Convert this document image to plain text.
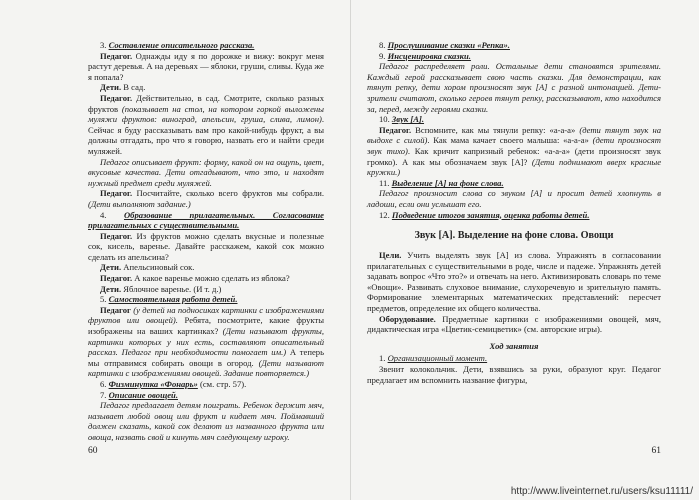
3. Составление описательного рассказа.

Педагог. Однажды иду я по дорожке и вижу: вокруг меня растут деревья. А на деревьях — яблоки, груши, сливы. Куда же я попала?

Дети. В сад.

Педагог. Действительно, в сад. Смотрите, сколько разных фруктов (показывает на стол, на котором горкой выложены муляжи фруктов: виноград, апельсин, груша, слива, лимон). Сейчас я буду рассказывать вам про какой-нибудь фрукт, а вы должны отгадать, про что я говорю, назвать его и найти среди муляжей.

Педагог описывает фрукт: форму, какой он на ощупь, цвет, вкусовые качества. Дети отгадывают, что это, и находят нужный предмет среди муляжей.

Педагог. Посчитайте, сколько всего фруктов мы собрали. (Дети выполняют задание.)

4. Образование прилагательных. Согласование прилагательных с существительными.

Педагог. Из фруктов можно сделать вкусные и полезные сок, кисель, варенье. Давайте расскажем, какой сок можно сделать из апельсина?

Дети. Апельсиновый сок.

Педагог. А какое варенье можно сделать из яблока?

Дети. Яблочное варенье. (И т. д.)

5. Самостоятельная работа детей.

Педагог (у детей на подносиках картинки с изображениями фруктов или овощей). Ребята, посмотрите, какие фрукты изображены на ваших картинках? (Дети называют фрукты, картинки которых у них есть, составляют описательный рассказ. Педагог при необходимости помогает им.) А теперь мы отправимся собирать овощи в огород. (Дети называют картинки с изображениями овощей. Задание повторяется.)

6. Физминутка «Фонарь» (см. стр. 57).

7. Описание овощей.

Педагог предлагает детям поиграть. Ребенок держит мяч, называет любой овощ или фрукт и кидает мяч. Поймавший должен сказать, какой сок делают из названного фрукта или овоща, назвать свой и кинуть мяч следующему игроку.

60

8. Прослушивание сказки «Репка».

9. Инсценировка сказки.

Педагог распределяет роли. Остальные дети становятся зрителями. Каждый герой рассказывает свою часть сказки. Для демонстрации, как тянут репку, дети хором произносят звук [А] с разной интонацией. Дети-зрители считают, сколько героев тянут репку, рассказывают, кто находится за, перед, между героями сказки.

10. Звук [А].

Педагог. Вспомните, как мы тянули репку: «а-а-а» (дети тянут звук на выдохе с силой). Как мама качает своего малыша: «а-а-а» (дети произносят звук тихо). Как кричит капризный ребенок: «а-а-а» (дети произносят звук громко). А как мы обозначаем звук [А]? (Дети поднимают вверх красные кружки.)

11. Выделение [А] на фоне слова.

Педагог произносит слова со звуком [А] и просит детей хлопнуть в ладоши, если они услышат его.

12. Подведение итогов занятия, оценка работы детей.

Звук [А]. Выделение на фоне слова. Овощи

Цели. Учить выделять звук [А] из слова. Упражнять в согласовании прилагательных с существительными в роде, числе и падеже. Упражнять детей задавать вопрос «Что это?» и отвечать на него. Активизировать словарь по теме «Овощи». Развивать слуховое внимание, слухоречевую и зрительную память. Формирование элементарных математических представлений: пересчет предметов, определение их общего количества.

Оборудование. Предметные картинки с изображениями овощей, мяч, дидактическая игра «Цветик-семицветик» (см. авторские игры).

Ход занятия

1. Организационный момент.

Звенит колокольчик. Дети, взявшись за руки, образуют круг. Педагог предлагает им вспомнить название фигуры,

61
http://www.liveinternet.ru/users/ksu11111/
